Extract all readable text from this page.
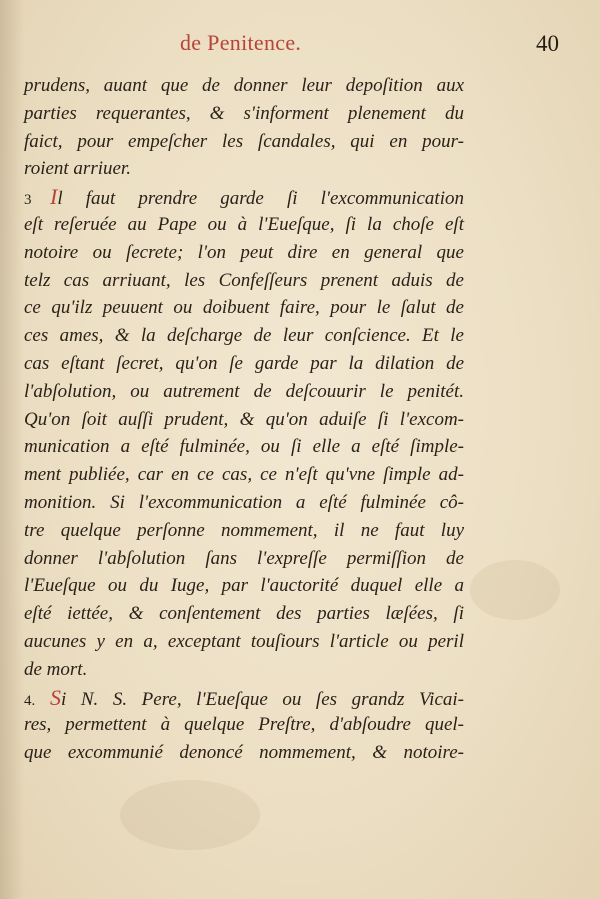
de Penitence.	40
prudens, auant que de donner leur depoſition aux
parties requerantes, & s'informent plenement du
faict, pour empeſcher les ſcandales, qui en pour-
roient arriuer.
3 Il faut prendre garde ſi l'excommunication
eſt reſeruée au Pape ou à l'Eueſque, ſi la choſe eſt
notoire ou ſecrete; l'on peut dire en general que
telz cas arriuant, les Confeſſeurs prenent aduis de
ce qu'ilz peuuent ou doibuent faire, pour le ſalut de
ces ames, & la deſcharge de leur conſcience. Et le
cas eſtant ſecret, qu'on ſe garde par la dilation de
l'abſolution, ou autrement de deſcouurir le penitét.
Qu'on ſoit auſſi prudent, & qu'on aduiſe ſi l'excom-
munication a eſté fulminée, ou ſi elle a eſté ſimple-
ment publiée, car en ce cas, ce n'eſt qu'vne ſimple ad-
monition. Si l'excommunication a eſté fulminée cô-
tre quelque perſonne nommement, il ne faut luy
donner l'abſolution ſans l'expreſſe permiſſion de
l'Eueſque ou du Iuge, par l'auctorité duquel elle a
eſté iettée, & conſentement des parties læſées, ſi
aucunes y en a, exceptant touſiours l'article ou peril
de mort.
4. Si N. S. Pere, l'Eueſque ou ſes grandz Vicai-
res, permettent à quelque Preſtre, d'abſoudre quel-
que excommunié denoncé nommement, & notoire-
